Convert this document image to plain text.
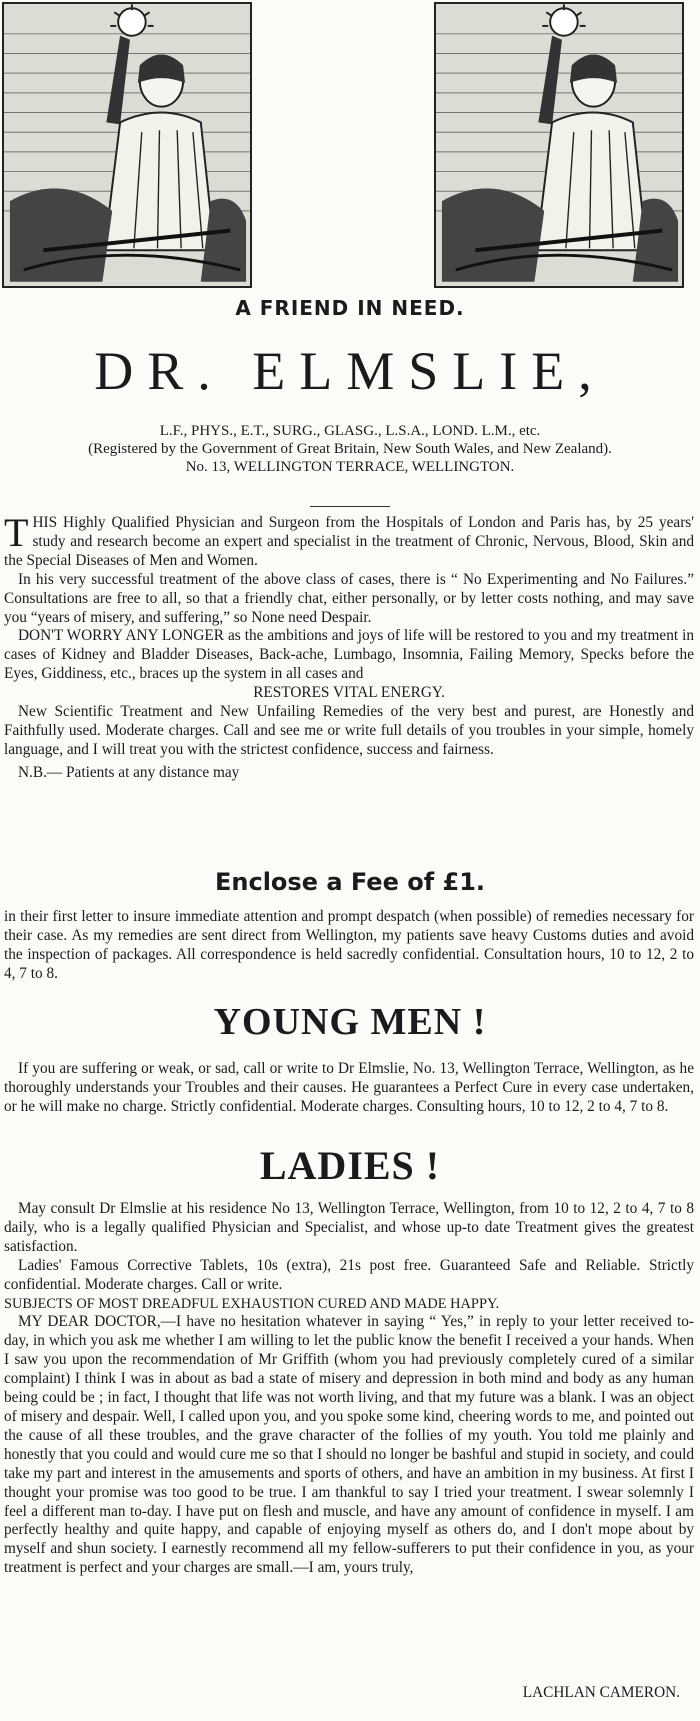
A FRIEND IN NEED.
DR. ELMSLIE,
L.F., PHYS., E.T., SURG., GLASG., L.S.A., LOND. L.M., etc.
(Registered by the Government of Great Britain, New South Wales, and New Zealand).
No. 13, WELLINGTON TERRACE, WELLINGTON.

THIS Highly Qualified Physician and Surgeon from the Hospitals of London and Paris has, by 25 years' study and research become an expert and specialist in the treatment of Chronic, Nervous, Blood, Skin and the Special Diseases of Men and Women.

In his very successful treatment of the above class of cases, there is “ No Experimenting and No Failures.” Consultations are free to all, so that a friendly chat, either personally, or by letter costs nothing, and may save you “years of misery, and suffering,” so None need Despair.

DON'T WORRY ANY LONGER as the ambitions and joys of life will be restored to you and my treatment in cases of Kidney and Bladder Diseases, Back-ache, Lumbago, Insomnia, Failing Memory, Specks before the Eyes, Giddiness, etc., braces up the system in all cases and

RESTORES VITAL ENERGY.

New Scientific Treatment and New Unfailing Remedies of the very best and purest, are Honestly and Faithfully used. Moderate charges. Call and see me or write full details of you troubles in your simple, homely language, and I will treat you with the strictest confidence, success and fairness.

N.B.— Patients at any distance may

Enclose a Fee of £1.

in their first letter to insure immediate attention and prompt despatch (when possible) of remedies necessary for their case. As my remedies are sent direct from Wellington, my patients save heavy Customs duties and avoid the inspection of packages. All correspondence is held sacredly confidential. Consultation hours, 10 to 12, 2 to 4, 7 to 8.

YOUNG MEN !

If you are suffering or weak, or sad, call or write to Dr Elmslie, No. 13, Wellington Terrace, Wellington, as he thoroughly understands your Troubles and their causes. He guarantees a Perfect Cure in every case undertaken, or he will make no charge. Strictly confidential. Moderate charges. Consulting hours, 10 to 12, 2 to 4, 7 to 8.

LADIES !

May consult Dr Elmslie at his residence No 13, Wellington Terrace, Wellington, from 10 to 12, 2 to 4, 7 to 8 daily, who is a legally qualified Physician and Specialist, and whose up-to date Treatment gives the greatest satisfaction.

Ladies' Famous Corrective Tablets, 10s (extra), 21s post free. Guaranteed Safe and Reliable. Strictly confidential. Moderate charges. Call or write.

SUBJECTS OF MOST DREADFUL EXHAUSTION CURED AND MADE HAPPY.

MY DEAR DOCTOR,—I have no hesitation whatever in saying “ Yes,” in reply to your letter received to-day, in which you ask me whether I am willing to let the public know the benefit I received a your hands. When I saw you upon the recommendation of Mr Griffith (whom you had previously completely cured of a similar complaint) I think I was in about as bad a state of misery and depression in both mind and body as any human being could be ; in fact, I thought that life was not worth living, and that my future was a blank. I was an object of misery and despair. Well, I called upon you, and you spoke some kind, cheering words to me, and pointed out the cause of all these troubles, and the grave character of the follies of my youth. You told me plainly and honestly that you could and would cure me so that I should no longer be bashful and stupid in society, and could take my part and interest in the amusements and sports of others, and have an ambition in my business. At first I thought your promise was too good to be true. I am thankful to say I tried your treatment. I swear solemnly I feel a different man to-day. I have put on flesh and muscle, and have any amount of confidence in myself. I am perfectly healthy and quite happy, and capable of enjoying myself as others do, and I don't mope about by myself and shun society. I earnestly recommend all my fellow-sufferers to put their confidence in you, as your treatment is perfect and your charges are small.—I am, yours truly,

LACHLAN CAMERON.
